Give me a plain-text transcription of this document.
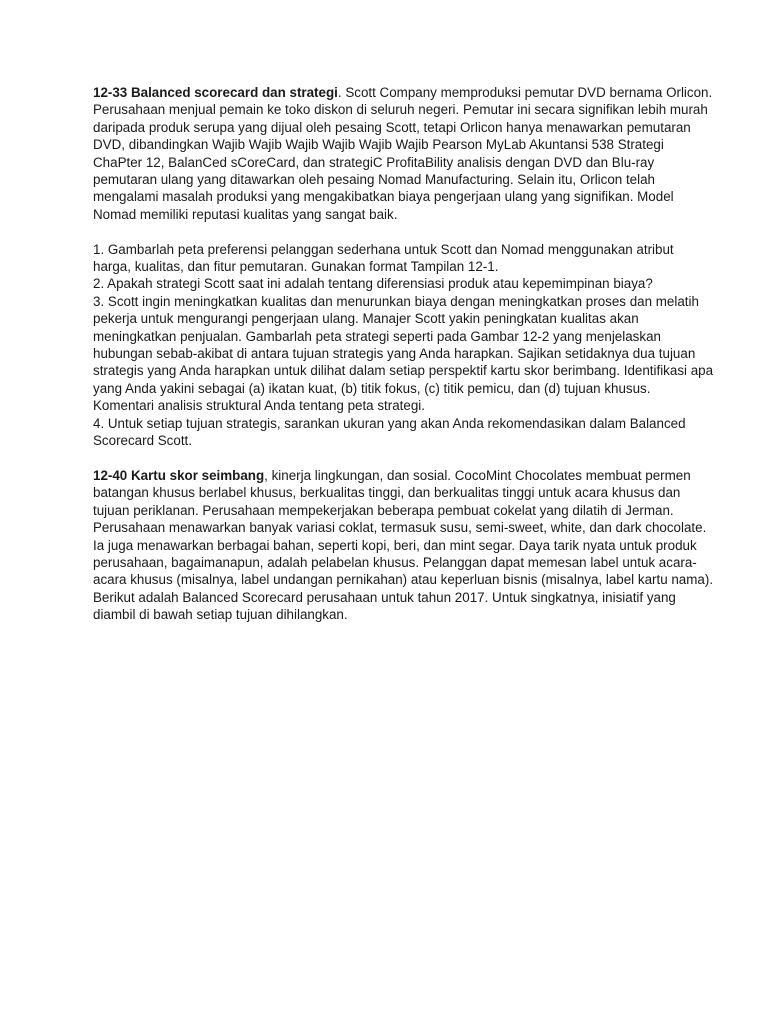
12-33 Balanced scorecard dan strategi. Scott Company memproduksi pemutar DVD bernama Orlicon.
Perusahaan menjual pemain ke toko diskon di seluruh negeri. Pemutar ini secara signifikan lebih murah
daripada produk serupa yang dijual oleh pesaing Scott, tetapi Orlicon hanya menawarkan pemutaran
DVD, dibandingkan Wajib Wajib Wajib Wajib Wajib Wajib Pearson MyLab Akuntansi 538 Strategi
ChaPter 12, BalanCed sCoreCard, dan strategiC ProfitaBility analisis dengan DVD dan Blu-ray
pemutaran ulang yang ditawarkan oleh pesaing Nomad Manufacturing. Selain itu, Orlicon telah
mengalami masalah produksi yang mengakibatkan biaya pengerjaan ulang yang signifikan. Model
Nomad memiliki reputasi kualitas yang sangat baik.

1. Gambarlah peta preferensi pelanggan sederhana untuk Scott dan Nomad menggunakan atribut
harga, kualitas, dan fitur pemutaran. Gunakan format Tampilan 12-1.

2. Apakah strategi Scott saat ini adalah tentang diferensiasi produk atau kepemimpinan biaya?

3. Scott ingin meningkatkan kualitas dan menurunkan biaya dengan meningkatkan proses dan melatih
pekerja untuk mengurangi pengerjaan ulang. Manajer Scott yakin peningkatan kualitas akan
meningkatkan penjualan. Gambarlah peta strategi seperti pada Gambar 12-2 yang menjelaskan
hubungan sebab-akibat di antara tujuan strategis yang Anda harapkan. Sajikan setidaknya dua tujuan
strategis yang Anda harapkan untuk dilihat dalam setiap perspektif kartu skor berimbang. Identifikasi apa
yang Anda yakini sebagai (a) ikatan kuat, (b) titik fokus, (c) titik pemicu, dan (d) tujuan khusus.
Komentari analisis struktural Anda tentang peta strategi.

4. Untuk setiap tujuan strategis, sarankan ukuran yang akan Anda rekomendasikan dalam Balanced
Scorecard Scott.

12-40 Kartu skor seimbang, kinerja lingkungan, dan sosial. CocoMint Chocolates membuat permen
batangan khusus berlabel khusus, berkualitas tinggi, dan berkualitas tinggi untuk acara khusus dan
tujuan periklanan. Perusahaan mempekerjakan beberapa pembuat cokelat yang dilatih di Jerman.
Perusahaan menawarkan banyak variasi coklat, termasuk susu, semi-sweet, white, dan dark chocolate.
Ia juga menawarkan berbagai bahan, seperti kopi, beri, dan mint segar. Daya tarik nyata untuk produk
perusahaan, bagaimanapun, adalah pelabelan khusus. Pelanggan dapat memesan label untuk acara-
acara khusus (misalnya, label undangan pernikahan) atau keperluan bisnis (misalnya, label kartu nama).
Berikut adalah Balanced Scorecard perusahaan untuk tahun 2017. Untuk singkatnya, inisiatif yang
diambil di bawah setiap tujuan dihilangkan.
